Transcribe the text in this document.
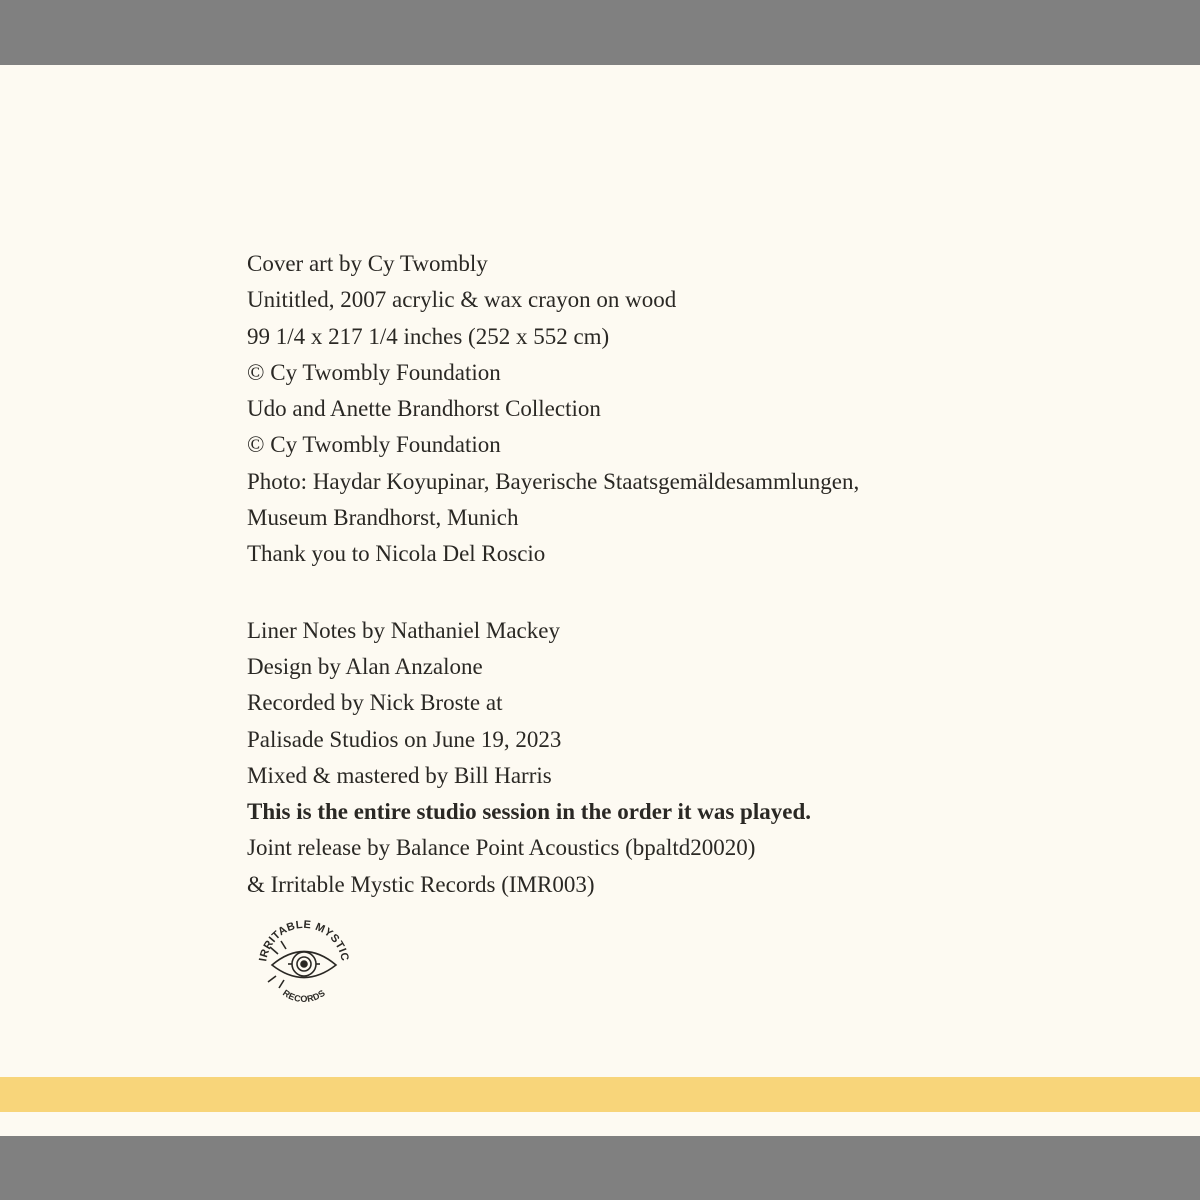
Cover art by Cy Twombly
Unititled, 2007 acrylic & wax crayon on wood
99 1/4 x 217 1/4 inches (252 x 552 cm)
© Cy Twombly Foundation
Udo and Anette Brandhorst Collection
© Cy Twombly Foundation
Photo: Haydar Koyupinar, Bayerische Staatsgemäldesammlungen,
Museum Brandhorst, Munich
Thank you to Nicola Del Roscio
Liner Notes by Nathaniel Mackey
Design by Alan Anzalone
Recorded by Nick Broste at
Palisade Studios on June 19, 2023
Mixed & mastered by Bill Harris
This is the entire studio session in the order it was played.
Joint release by Balance Point Acoustics (bpaltd20020)
& Irritable Mystic Records (IMR003)
IRRITABLE MYSTIC
RECORDS
